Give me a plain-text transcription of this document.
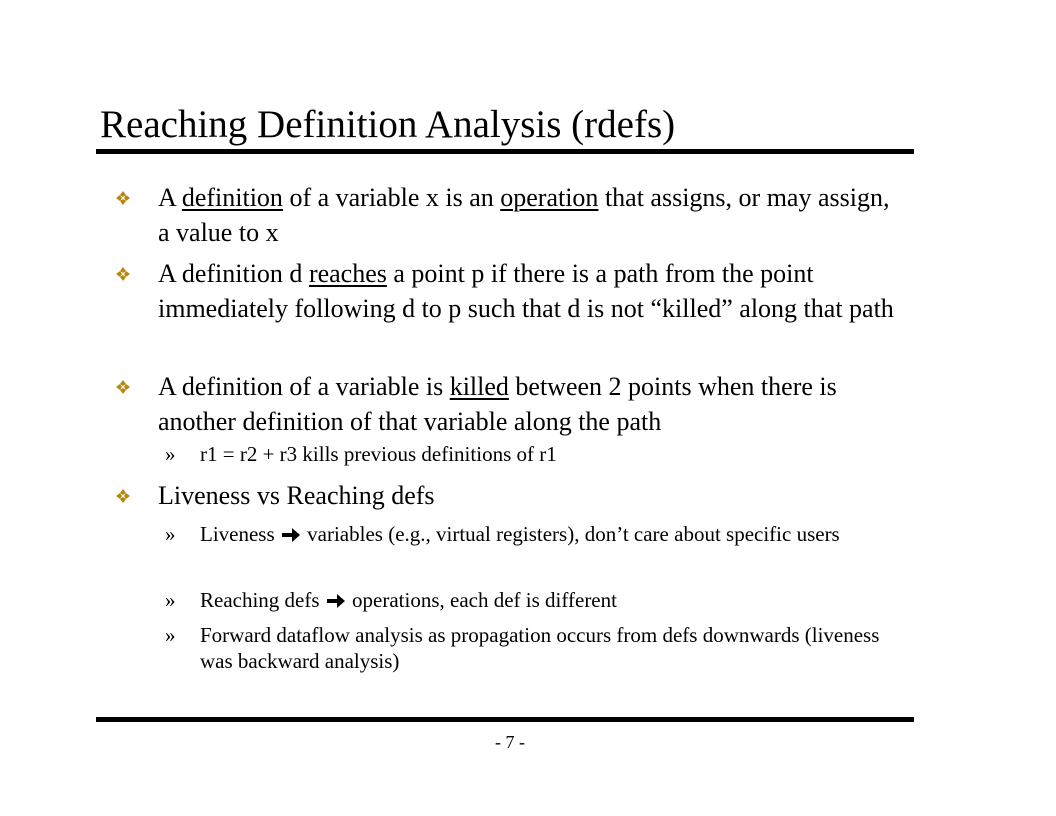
Reaching Definition Analysis (rdefs)
A definition of a variable x is an operation that assigns, or may assign, a value to x
A definition d reaches a point p if there is a path from the point immediately following d to p such that d is not “killed” along that path
A definition of a variable is killed between 2 points when there is another definition of that variable along the path
» r1 = r2 + r3 kills previous definitions of r1
Liveness vs Reaching defs
» Liveness variables (e.g., virtual registers), don’t care about specific users
» Reaching defs operations, each def is different
» Forward dataflow analysis as propagation occurs from defs downwards (liveness was backward analysis)
- 7 -
